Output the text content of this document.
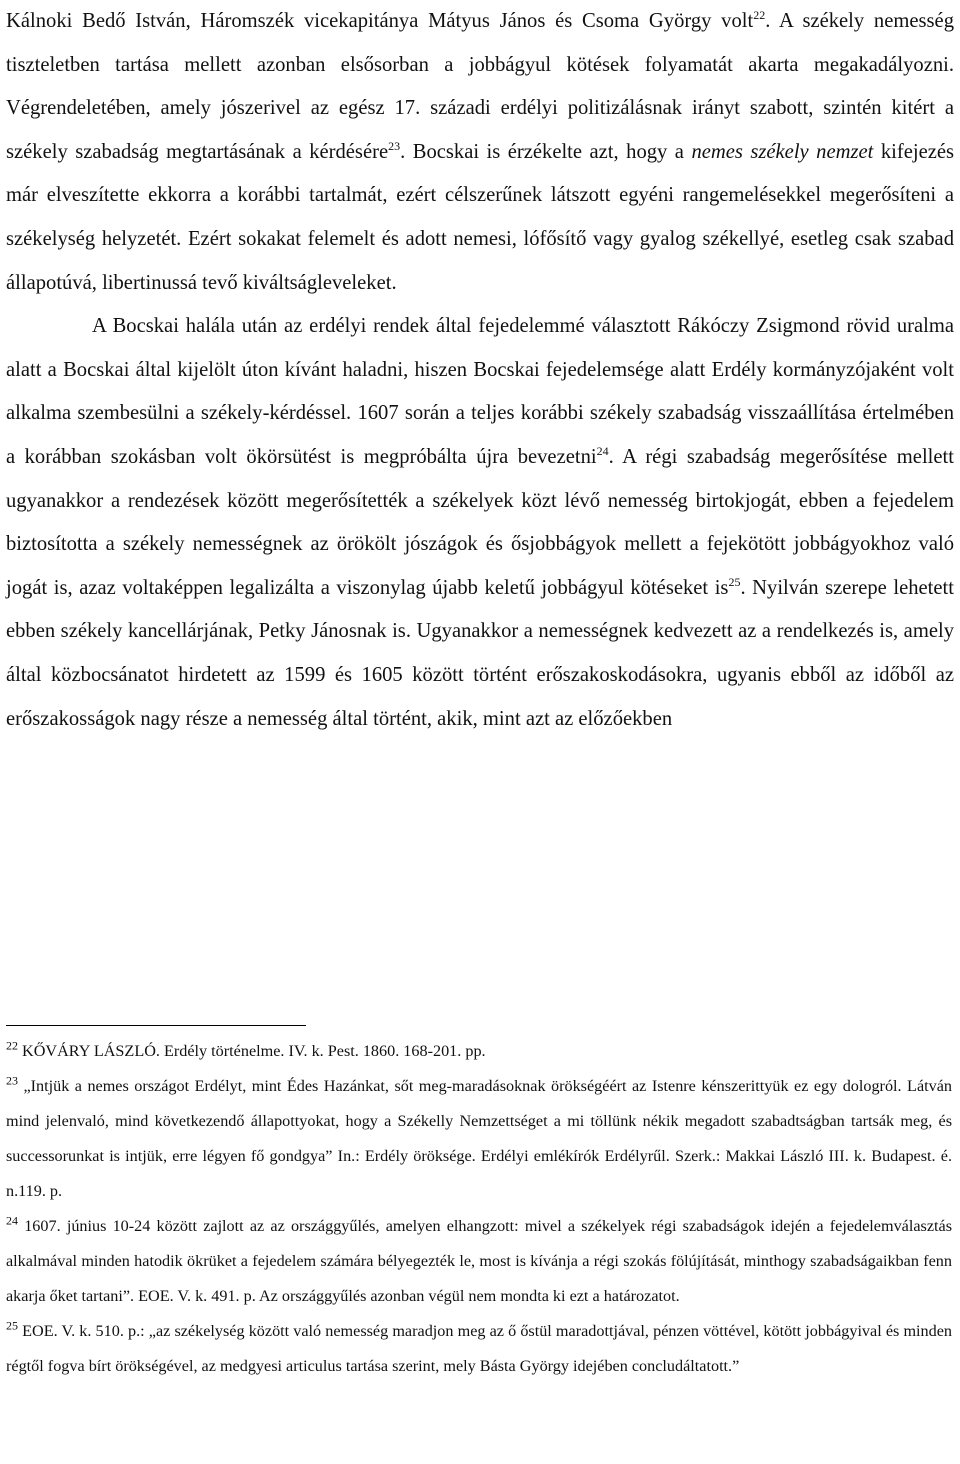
Kálnoki Bedő István, Háromszék vicekapitánya Mátyus János és Csoma György volt$^{22}$. A székely nemesség tiszteletben tartása mellett azonban elsősorban a jobbágyul kötések folyamatát akarta megakadályozni. Végrendeletében, amely jószerivel az egész 17. századi erdélyi politizálásnak irányt szabott, szintén kitért a székely szabadság megtartásának a kérdésére$^{23}$. Bocskai is érzékelte azt, hogy a nemes székely nemzet kifejezés már elveszítette ekkorra a korábbi tartalmát, ezért célszerűnek látszott egyéni rangemelésekkel megerősíteni a székelység helyzetét. Ezért sokakat felemelt és adott nemesi, lófősítő vagy gyalog székellyé, esetleg csak szabad állapotúvá, libertinussá tevő kiváltságleveleket.

A Bocskai halála után az erdélyi rendek által fejedelemmé választott Rákóczy Zsigmond rövid uralma alatt a Bocskai által kijelölt úton kívánt haladni, hiszen Bocskai fejedelemsége alatt Erdély kormányzójaként volt alkalma szembesülni a székely-kérdéssel. 1607 során a teljes korábbi székely szabadság visszaállítása értelmében a korábban szokásban volt ökörsütést is megpróbálta újra bevezetni$^{24}$. A régi szabadság megerősítése mellett ugyanakkor a rendezések között megerősítették a székelyek közt lévő nemesség birtokjogát, ebben a fejedelem biztosította a székely nemességnek az örökölt jószágok és ősjobbágyok mellett a fejekötött jobbágyokhoz való jogát is, azaz voltaképpen legalizálta a viszonylag újabb keletű jobbágyul kötéseket $is^{25}$. Nyilván szerepe lehetett ebben székely kancellárjának, Petky Jánosnak is. Ugyanakkor a nemességnek kedvezett az a rendelkezés is, amely által közbocsánatot hirdetett az 1599 és 1605 között történt erőszakoskodásokra, ugyanis ebből az időből az erőszakosságok nagy része a nemesség által történt, akik, mint azt az előzőekben

$^{22}$ KŐVÁRY LÁSZLÓ. Erdély történelme. IV. k. Pest. 1860. 168-201. pp.

$^{23}$ „Intjük a nemes országot Erdélyt, mint Édes Hazánkat, sőt meg-maradásoknak örökségéért az Istenre kénszerittyük ez egy dologról. Látván mind jelenvaló, mind következendő állapottyokat, hogy a Székelly Nemzettséget a mi töllünk nékik megadott szabadtságban tartsák meg, és successorunkat is intjük, erre légyen fő gondgya” In.: Erdély öröksége. Erdélyi emlékírók Erdélyrűl. Szerk.: Makkai László III. k. Budapest. é. n.119. p.

$^{24}$ 1607. június 10-24 között zajlott az az országgyűlés, amelyen elhangzott: mivel a székelyek régi szabadságok idején a fejedelemválasztás alkalmával minden hatodik ökrüket a fejedelem számára bélyegezték le, most is kívánja a régi szokás fölújítását, minthogy szabadságaikban fenn akarja őket tartani”. EOE. V. k. 491. p. Az országgyűlés azonban végül nem mondta ki ezt a határozatot.

$^{25}$ EOE. V. k. 510. p.: „az székelység között való nemesség maradjon meg az ő őstül maradottjával, pénzen vöttével, kötött jobbágyival és minden régtől fogva bírt örökségével, az medgyesi articulus tartása szerint, mely Básta György idejében concludáltatott.”
